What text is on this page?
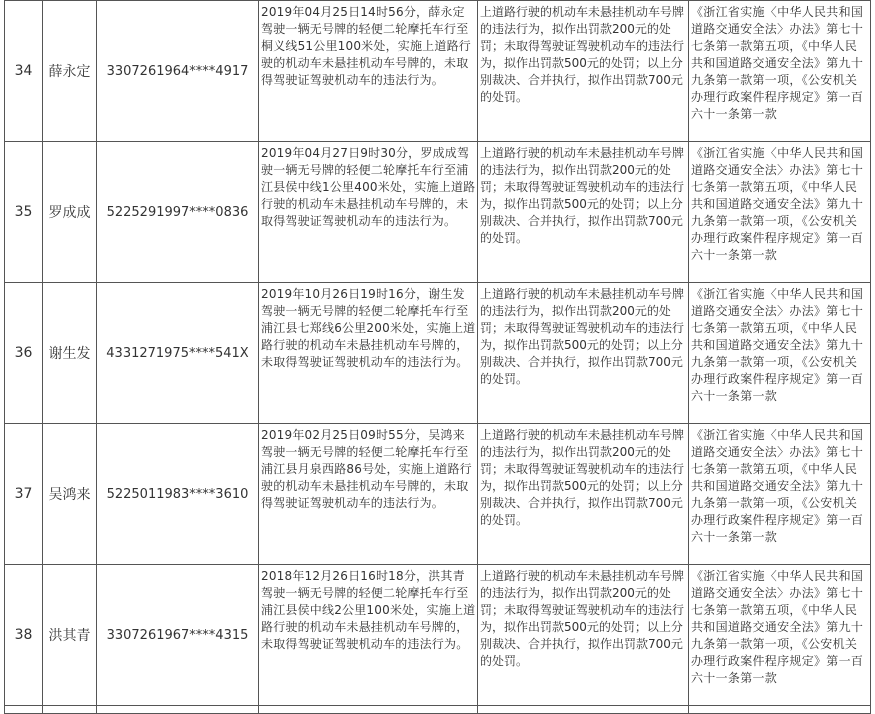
34	薛永定	3307261964****4917	2019年04月25日14时56分，薛永定驾驶一辆无号牌的轻便二轮摩托车行至桐义线51公里100米处，实施上道路行驶的机动车未悬挂机动车号牌的，未取得驾驶证驾驶机动车的违法行为。	上道路行驶的机动车未悬挂机动车号牌的违法行为，拟作出罚款200元的处罚；未取得驾驶证驾驶机动车的违法行为，拟作出罚款500元的处罚；以上分别裁决、合并执行，拟作出罚款700元的处罚。	《浙江省实施〈中华人民共和国道路交通安全法〉办法》第七十七条第一款第五项，《中华人民共和国道路交通安全法》第九十九条第一款第一项，《公安机关办理行政案件程序规定》第一百六十一条第一款
35	罗成成	5225291997****0836	2019年04月27日9时30分，罗成成驾驶一辆无号牌的轻便二轮摩托车行至浦江县侯中线1公里400米处，实施上道路行驶的机动车未悬挂机动车号牌的，未取得驾驶证驾驶机动车的违法行为。	上道路行驶的机动车未悬挂机动车号牌的违法行为，拟作出罚款200元的处罚；未取得驾驶证驾驶机动车的违法行为，拟作出罚款500元的处罚；以上分别裁决、合并执行，拟作出罚款700元的处罚。	《浙江省实施〈中华人民共和国道路交通安全法〉办法》第七十七条第一款第五项，《中华人民共和国道路交通安全法》第九十九条第一款第一项，《公安机关办理行政案件程序规定》第一百六十一条第一款
36	谢生发	4331271975****541X	2019年10月26日19时16分，谢生发驾驶一辆无号牌的轻便二轮摩托车行至浦江县七郑线6公里200米处，实施上道路行驶的机动车未悬挂机动车号牌的，未取得驾驶证驾驶机动车的违法行为。	上道路行驶的机动车未悬挂机动车号牌的违法行为，拟作出罚款200元的处罚；未取得驾驶证驾驶机动车的违法行为，拟作出罚款500元的处罚；以上分别裁决、合并执行，拟作出罚款700元的处罚。	《浙江省实施〈中华人民共和国道路交通安全法〉办法》第七十七条第一款第五项，《中华人民共和国道路交通安全法》第九十九条第一款第一项，《公安机关办理行政案件程序规定》第一百六十一条第一款
37	吴鸿来	5225011983****3610	2019年02月25日09时55分，吴鸿来驾驶一辆无号牌的轻便二轮摩托车行至浦江县月泉西路86号处，实施上道路行驶的机动车未悬挂机动车号牌的，未取得驾驶证驾驶机动车的违法行为。	上道路行驶的机动车未悬挂机动车号牌的违法行为，拟作出罚款200元的处罚；未取得驾驶证驾驶机动车的违法行为，拟作出罚款500元的处罚；以上分别裁决、合并执行，拟作出罚款700元的处罚。	《浙江省实施〈中华人民共和国道路交通安全法〉办法》第七十七条第一款第五项，《中华人民共和国道路交通安全法》第九十九条第一款第一项，《公安机关办理行政案件程序规定》第一百六十一条第一款
38	洪其青	3307261967****4315	2018年12月26日16时18分，洪其青驾驶一辆无号牌的轻便二轮摩托车行至浦江县侯中线2公里100米处，实施上道路行驶的机动车未悬挂机动车号牌的，未取得驾驶证驾驶机动车的违法行为。	上道路行驶的机动车未悬挂机动车号牌的违法行为，拟作出罚款200元的处罚；未取得驾驶证驾驶机动车的违法行为，拟作出罚款500元的处罚；以上分别裁决、合并执行，拟作出罚款700元的处罚。	《浙江省实施〈中华人民共和国道路交通安全法〉办法》第七十七条第一款第五项，《中华人民共和国道路交通安全法》第九十九条第一款第一项，《公安机关办理行政案件程序规定》第一百六十一条第一款
